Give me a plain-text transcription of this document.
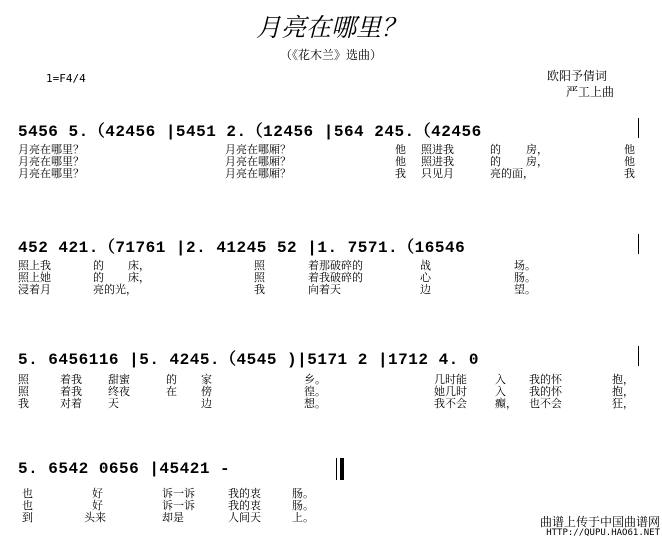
月亮在哪里？
（《花木兰》选曲）
1=F4/4	欧阳予倩词
严工上曲
5456 5.（42456 |5451 2.（12456 |564 245.（42456
月亮在哪里？	月亮在哪厢？	他 照进我	的 房，	他
月亮在哪里？	月亮在哪厢？	他 照进我	的 房，	他
月亮在哪里？	月亮在哪厢？	我 只见月	亮的面，	我
452 421.（71761 |2. 41245 52 |1. 7571.（16546
照上我	的 床，	照	着那破碎的	战	场。
照上她	的 床，	照	着我破碎的	心	肠。
浸着月	亮的光，	我	向着天	边	望。
5. 6456116 |5. 4245.（4545 )|5171 2 |1712 4. 0
照	着我 甜蜜	的 家	乡。	几时能	入 我的怀	抱，
照	着我 终夜	在 傍	徨。	她几时	入 我的怀	抱，
我	对着 天	边	想。	我不会	癫， 也不会	狂，
5. 6542 0656 |45421 -
也	好	诉一诉	我的衷	肠。
也	好	诉一诉	我的衷	肠。
到	头来	却是	人间天	上。	曲谱上传于中国曲谱网
HTTP://QUPU.HAO61.NET
